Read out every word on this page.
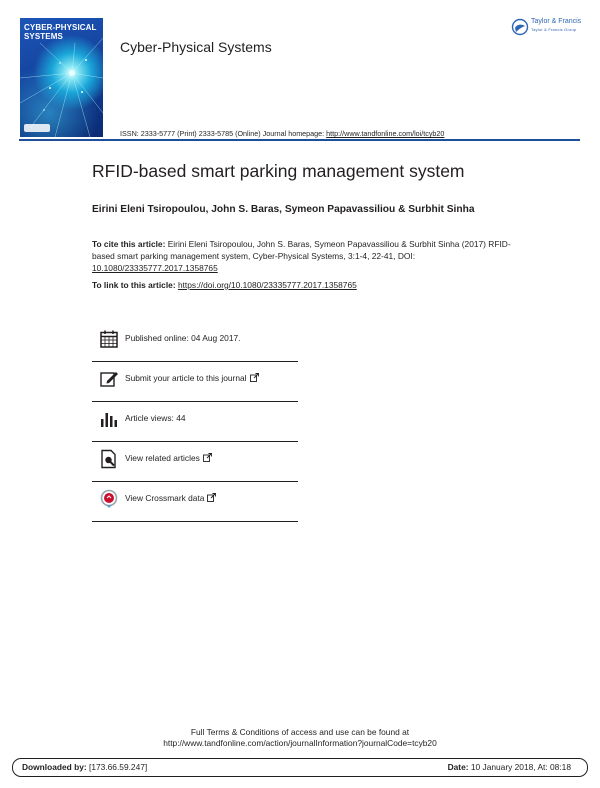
CYBER-PHYSICAL
SYSTEMS
Cyber-Physical Systems
Taylor & Francis
Taylor & Francis Group
ISSN: 2333-5777 (Print) 2333-5785 (Online) Journal homepage: http://www.tandfonline.com/loi/tcyb20
RFID-based smart parking management system
Eirini Eleni Tsiropoulou, John S. Baras, Symeon Papavassiliou & Surbhit Sinha
To cite this article: Eirini Eleni Tsiropoulou, John S. Baras, Symeon Papavassiliou & Surbhit Sinha (2017) RFID-based smart parking management system, Cyber-Physical Systems, 3:1-4, 22-41, DOI: 10.1080/23335777.2017.1358765
To link to this article: https://doi.org/10.1080/23335777.2017.1358765
Published online: 04 Aug 2017.
Submit your article to this journal
Article views: 44
View related articles
View Crossmark data
Full Terms & Conditions of access and use can be found at
http://www.tandfonline.com/action/journalInformation?journalCode=tcyb20
Downloaded by: [173.66.59.247]	Date: 10 January 2018, At: 08:18
